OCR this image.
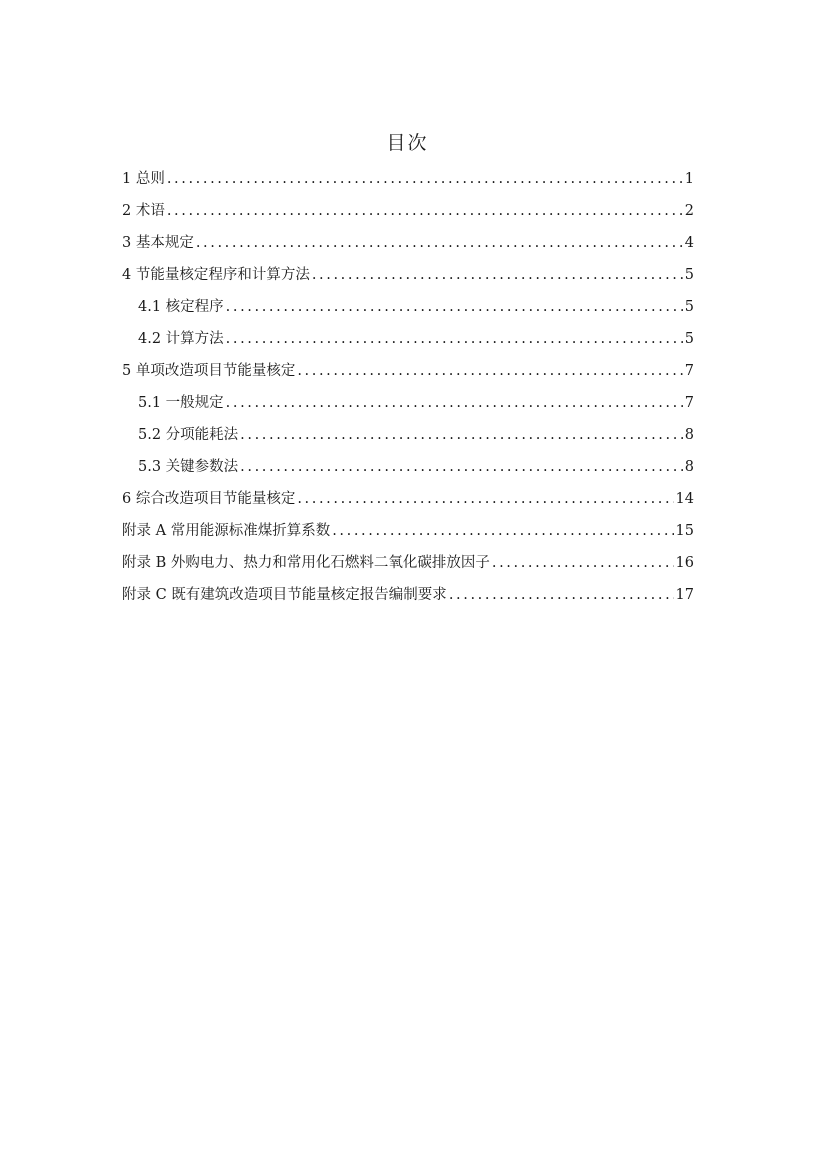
目次
1 总则 .....	1
2 术语 .....	2
3 基本规定 .....	4
4 节能量核定程序和计算方法 .....	5
4.1 核定程序 .....	5
4.2 计算方法 .....	5
5 单项改造项目节能量核定 .....	7
5.1 一般规定 .....	7
5.2 分项能耗法 .....	8
5.3 关键参数法 .....	8
6 综合改造项目节能量核定 .....	14
附录 A 常用能源标准煤折算系数 .....	15
附录 B 外购电力、热力和常用化石燃料二氧化碳排放因子 .....	16
附录 C 既有建筑改造项目节能量核定报告编制要求 .....	17
